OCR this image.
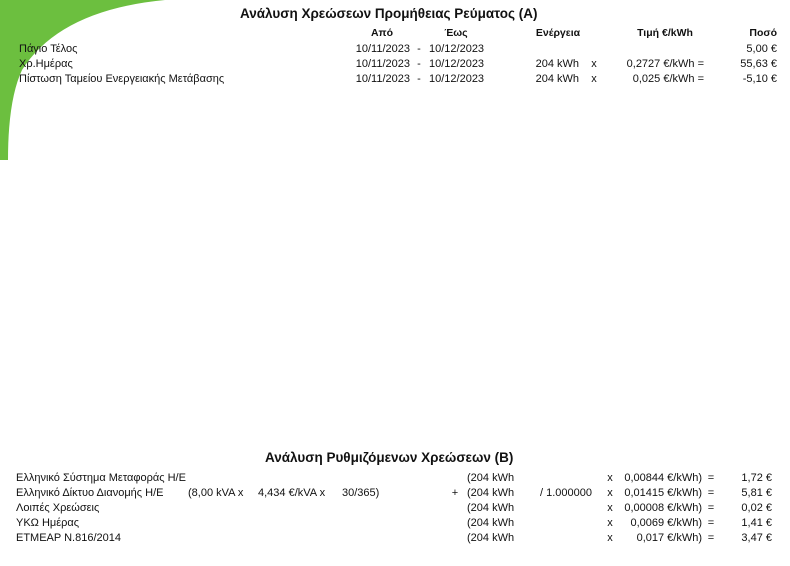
Ανάλυση Χρεώσεων Προμήθειας Ρεύματος (Α)
Από	Έως	Ενέργεια	Τιμή €/kWh	Ποσό
Πάγιο Τέλος	10/11/2023 - 10/12/2023	5,00 €
Χρ.Ημέρας	10/11/2023 - 10/12/2023	204 kWh x	0,2727 €/kWh =	55,63 €
Πίστωση Ταμείου Ενεργειακής Μετάβασης	10/11/2023 - 10/12/2023	204 kWh x	0,025 €/kWh =	-5,10 €
Ανάλυση Ρυθμιζόμενων Χρεώσεων (Β)
Ελληνικό Σύστημα Μεταφοράς Η/Ε	(204 kWh	x	0,00844 €/kWh) =	1,72 €
Ελληνικό Δίκτυο Διανομής Η/Ε (8,00 kVA x 4,434 €/kVA x 30/365)	+ (204 kWh / 1.000000 x	0,01415 €/kWh) =	5,81 €
Λοιπές Χρεώσεις	(204 kWh	x	0,00008 €/kWh) =	0,02 €
ΥΚΩ Ημέρας	(204 kWh	x	0,0069 €/kWh) =	1,41 €
ΕΤΜΕΑΡ Ν.816/2014	(204 kWh	x	0,017 €/kWh) =	3,47 €
